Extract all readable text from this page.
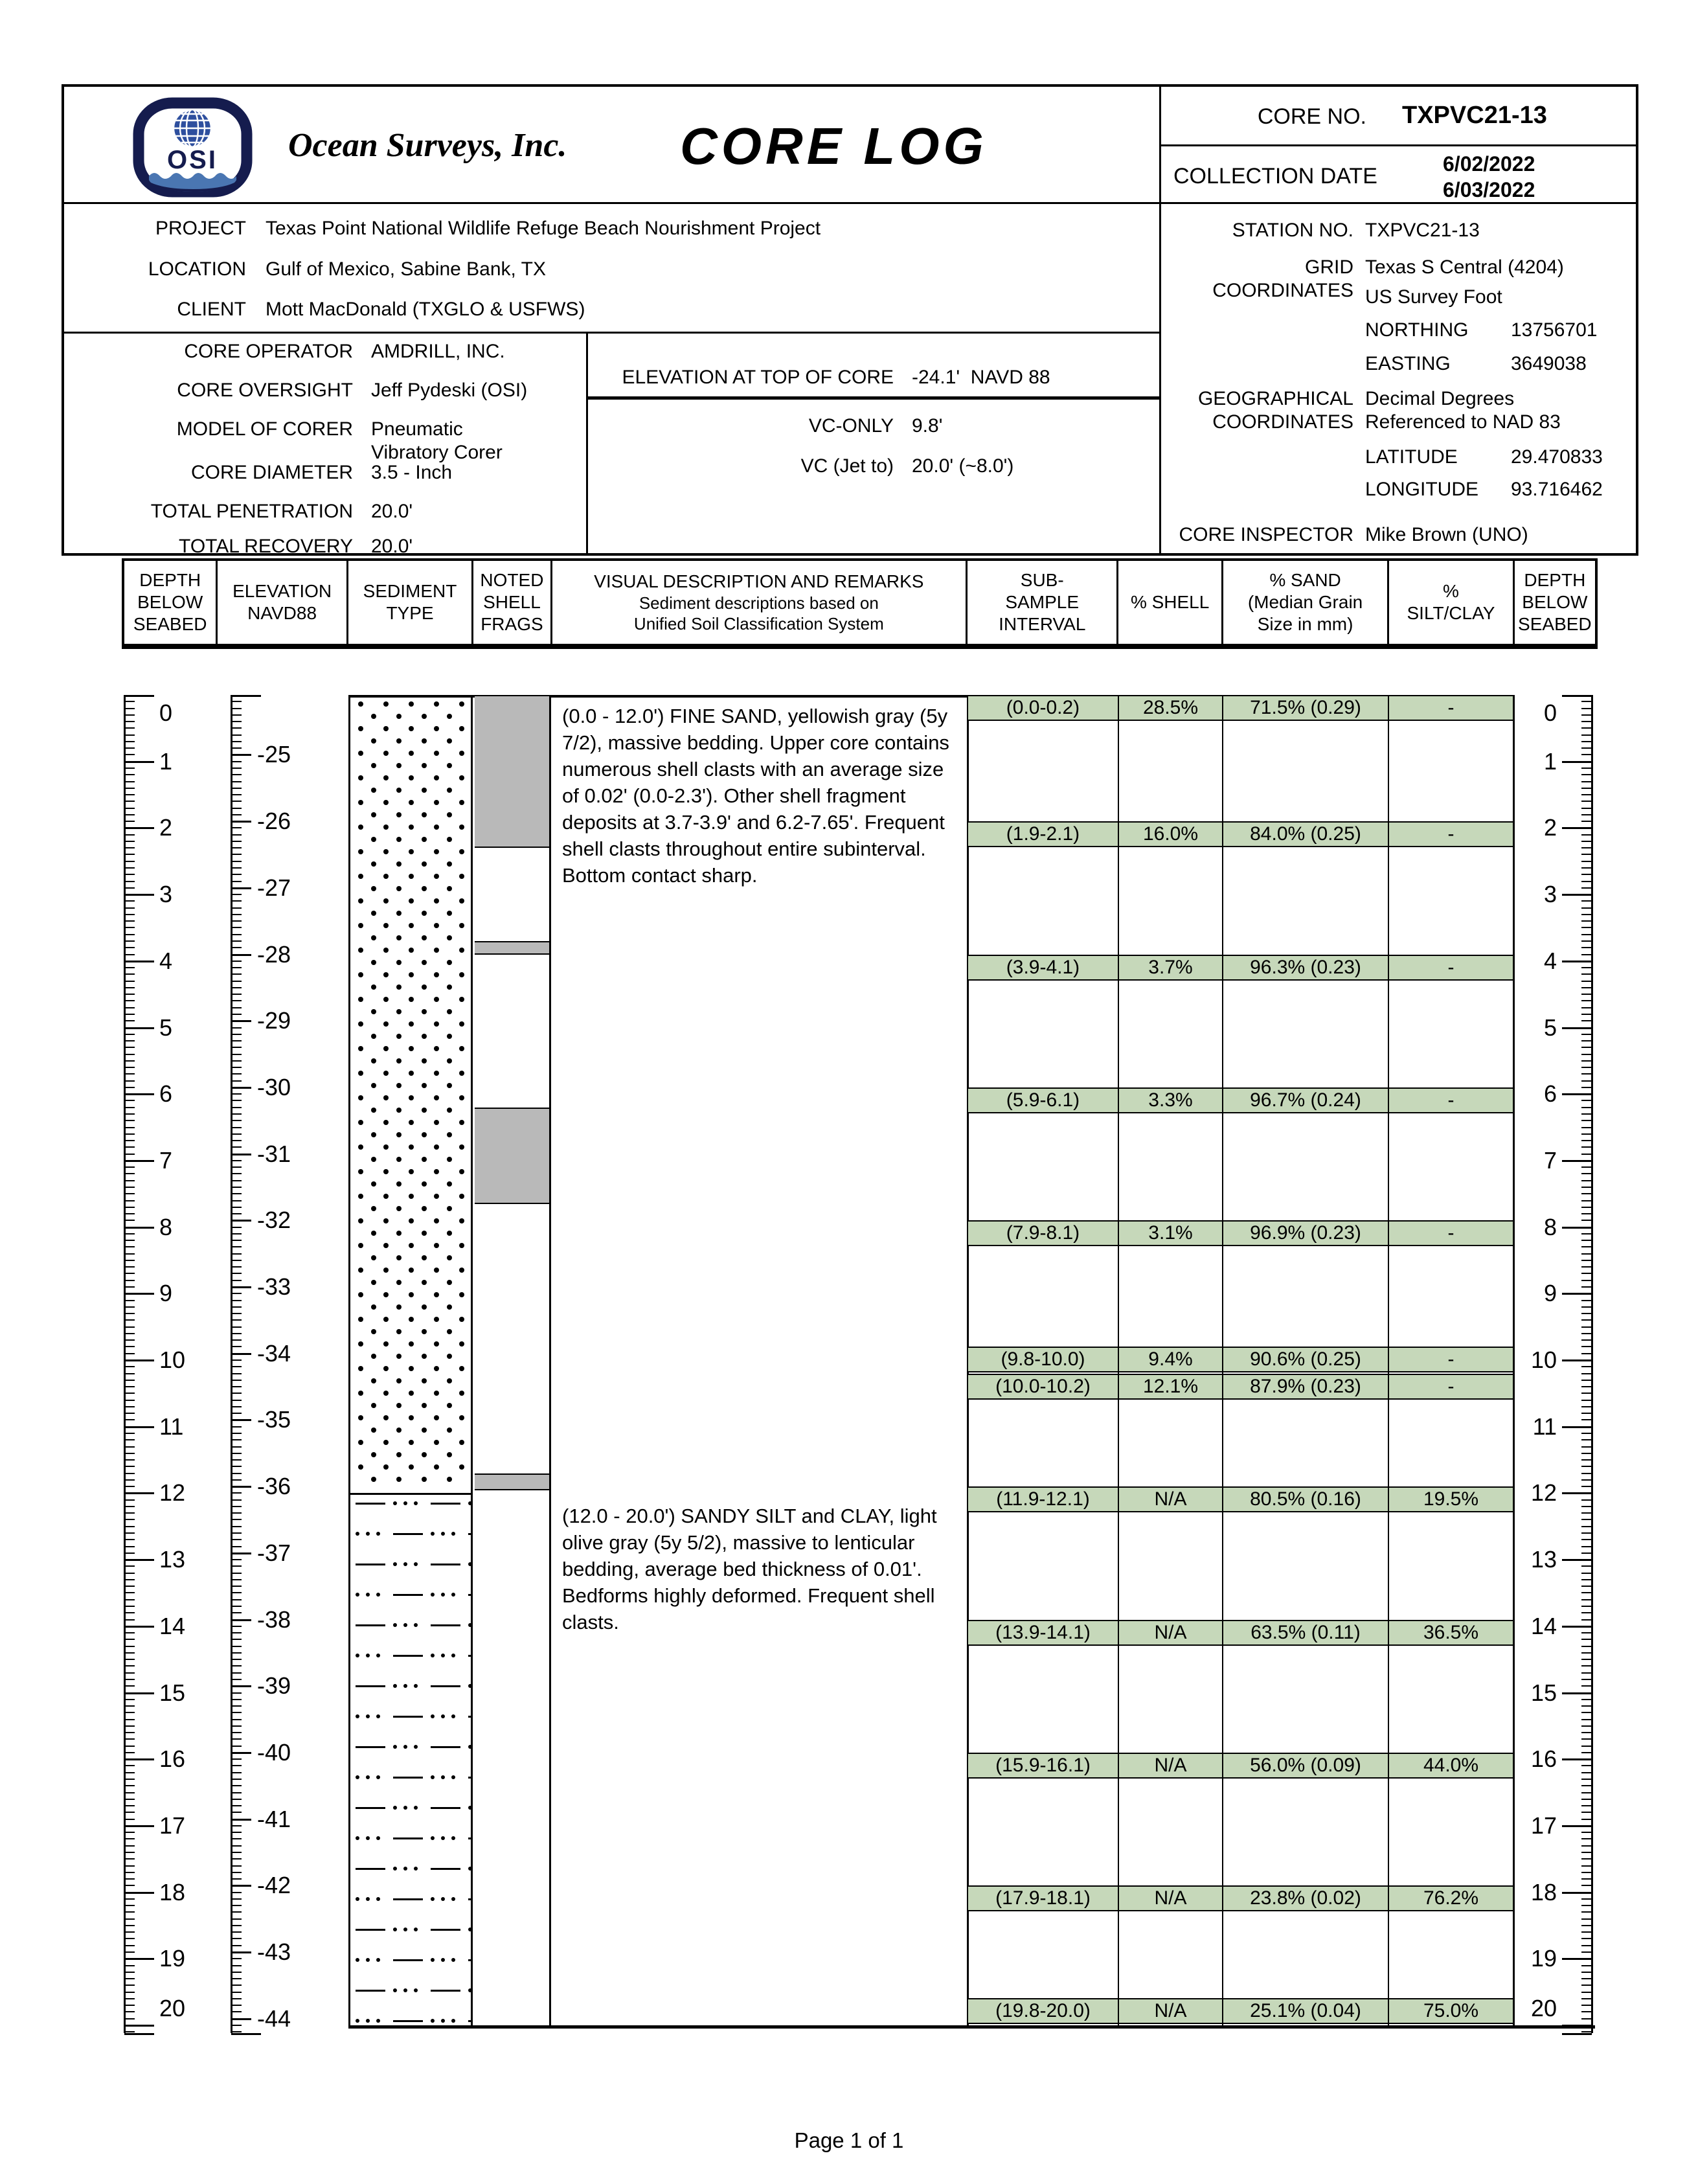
OSI Ocean Surveys, Inc. CORE LOG
CORE NO. TXPVC21-13
COLLECTION DATE	6/02/2022
6/03/2022
PROJECT Texas Point National Wildlife Refuge Beach Nourishment Project
LOCATION Gulf of Mexico, Sabine Bank, TX
CLIENT Mott MacDonald (TXGLO & USFWS)
CORE OPERATOR AMDRILL, INC.
CORE OVERSIGHT Jeff Pydeski (OSI)
MODEL OF CORER Pneumatic
Vibratory Corer
CORE DIAMETER 3.5 - Inch
TOTAL PENETRATION 20.0'
TOTAL RECOVERY 20.0'
ELEVATION AT TOP OF CORE -24.1'  NAVD 88
VC-ONLY 9.8'
VC (Jet to) 20.0' (~8.0')
STATION NO. TXPVC21-13
GRID COORDINATES
Texas S Central (4204)
US Survey Foot
NORTHING	13756701
EASTING	3649038
GEOGRAPHICAL
COORDINATES
Decimal Degrees
Referenced to NAD 83
LATITUDE	29.470833
LONGITUDE	93.716462
CORE INSPECTOR Mike Brown (UNO)
DEPTH
BELOW
SEABED
ELEVATION
NAVD88
SEDIMENT
TYPE
NOTED
SHELL
FRAGS
VISUAL DESCRIPTION AND REMARKS
Sediment descriptions based on
Unified Soil Classification System
SUB-
SAMPLE
INTERVAL
% SHELL
% SAND
(Median Grain
Size in mm)
%
SILT/CLAY
DEPTH
BELOW
SEABED
(0.0 - 12.0') FINE SAND, yellowish gray (5y 7/2), massive bedding. Upper core contains numerous shell clasts with an average size of 0.02' (0.0-2.3'). Other shell fragment deposits at 3.7-3.9' and 6.2-7.65'. Frequent shell clasts throughout entire subinterval. Bottom contact sharp.
(12.0 - 20.0') SANDY SILT and CLAY, light olive gray (5y 5/2), massive to lenticular bedding, average bed thickness of 0.01'. Bedforms highly deformed. Frequent shell clasts.
Page 1 of 1
0
1
2
3
4
5
6
7
8
9
10
11
12
13
14
15
16
17
18
19
20
-25
-26
-27
-28
-29
-30
-31
-32
-33
-34
-35
-36
-37
-38
-39
-40
-41
-42
-43
-44
0
1
2
3
4
5
6
7
8
9
10
11
12
13
14
15
16
17
18
19
20
(0.0-0.2)	28.5%	71.5% (0.29)	-
(1.9-2.1)	16.0%	84.0% (0.25)	-
(3.9-4.1)	3.7%	96.3% (0.23)	-
(5.9-6.1)	3.3%	96.7% (0.24)	-
(7.9-8.1)	3.1%	96.9% (0.23)	-
(9.8-10.0)	9.4%	90.6% (0.25)	-
(10.0-10.2)	12.1%	87.9% (0.23)	-
(11.9-12.1)	N/A	80.5% (0.16)	19.5%
(13.9-14.1)	N/A	63.5% (0.11)	36.5%
(15.9-16.1)	N/A	56.0% (0.09)	44.0%
(17.9-18.1)	N/A	23.8% (0.02)	76.2%
(19.8-20.0)	N/A	25.1% (0.04)	75.0%
